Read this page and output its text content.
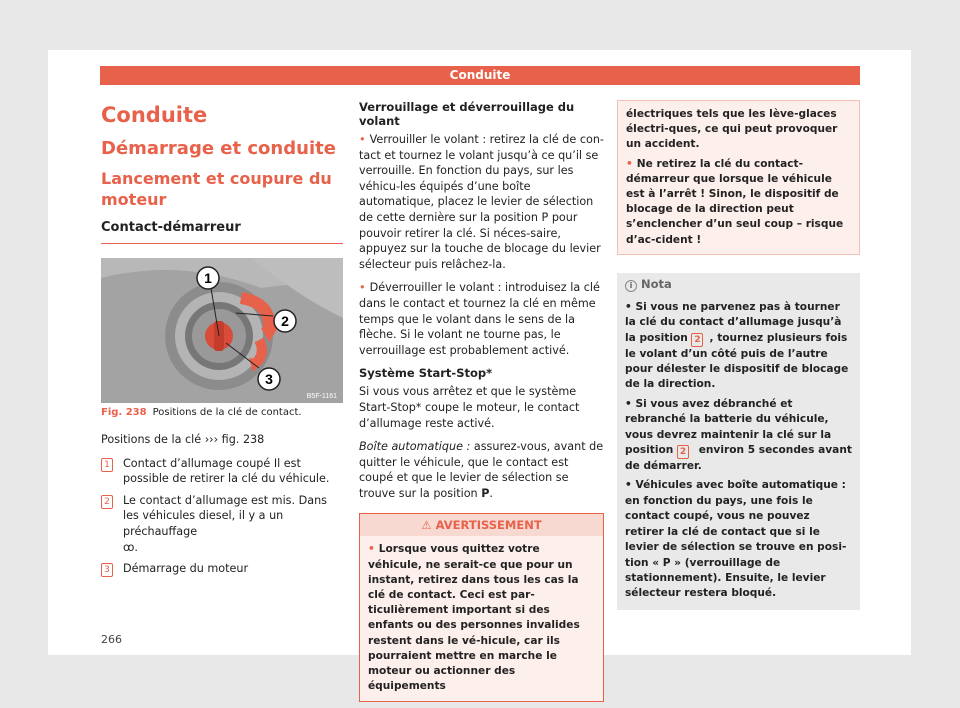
Conduite
Conduite
Démarrage et conduite
Lancement et coupure du moteur
Contact-démarreur
1
2
3
B5F-1161
Fig. 238 Positions de la clé de contact.

Positions de la clé ››› fig. 238

1	Contact d’allumage coupé Il est possible de retirer la clé du véhicule.
2	Le contact d’allumage est mis. Dans les véhicules diesel, il y a un préchauffage
ꝏ.
3	Démarrage du moteur
Verrouillage et déverrouillage du volant

• Verrouiller le volant : retirez la clé de con-tact et tournez le volant jusqu’à ce qu’il se verrouille. En fonction du pays, sur les véhicu-les équipés d’une boîte automatique, placez le levier de sélection de cette dernière sur la position P pour pouvoir retirer la clé. Si néces-saire, appuyez sur la touche de blocage du levier sélecteur puis relâchez-la.

• Déverrouiller le volant : introduisez la clé dans le contact et tournez la clé en même temps que le volant dans le sens de la flèche. Si le volant ne tourne pas, le verrouillage est probablement activé.

Système Start-Stop*

Si vous vous arrêtez et que le système Start-Stop* coupe le moteur, le contact d’allumage reste activé.

Boîte automatique : assurez-vous, avant de quitter le véhicule, que le contact est coupé et que le levier de sélection se trouve sur la position P.

⚠ AVERTISSEMENT
• Lorsque vous quittez votre véhicule, ne serait-ce que pour un instant, retirez dans tous les cas la clé de contact. Ceci est par-ticulièrement important si des enfants ou des personnes invalides restent dans le vé-hicule, car ils pourraient mettre en marche le moteur ou actionner des équipements
électriques tels que les lève-glaces électri-ques, ce qui peut provoquer un accident.
• Ne retirez la clé du contact-démarreur que lorsque le véhicule est à l’arrêt ! Sinon, le dispositif de blocage de la direction peut s’enclencher d’un seul coup – risque d’ac-cident !
i Nota
• Si vous ne parvenez pas à tourner la clé du contact d’allumage jusqu’à la position 2 , tournez plusieurs fois le volant d’un côté puis de l’autre pour délester le dispositif de blocage de la direction.
• Si vous avez débranché et rebranché la batterie du véhicule, vous devrez maintenir la clé sur la position 2 environ 5 secondes avant de démarrer.
• Véhicules avec boîte automatique : en fonction du pays, une fois le contact coupé, vous ne pouvez retirer la clé de contact que si le levier de sélection se trouve en posi-tion « P » (verrouillage de stationnement). Ensuite, le levier sélecteur restera bloqué.
266
